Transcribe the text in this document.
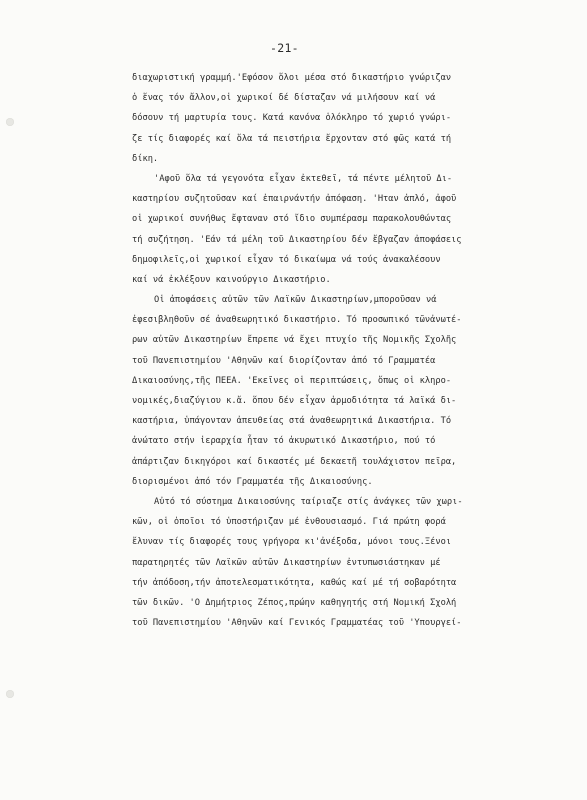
-21-
διαχωριστική γραμμή.'Εφόσον ὅλοι μέσα στό δικαστήριο γνώριζαν
ὁ ἕνας τόν ἄλλον,οἱ χωρικοί δέ δίσταζαν νά μιλήσουν καί νά
δόσουν τή μαρτυρία τους. Κατά κανόνα ὁλόκληρο τό χωριό γνώρι-
ζε τίς διαφορές καί ὅλα τά πειστήρια ἔρχονταν στό φῶς κατά τή
δίκη.
'Αφοῦ ὅλα τά γεγονότα εἶχαν ἐκτεθεῖ, τά πέντε μέλητοῦ Δι-
καστηρίου συζητοῦσαν καί ἐπαιρνάντήν ἀπόφαση. 'Ηταν ἁπλό, ἀφοῦ
οἱ χωρικοί συνήθως ἔφταναν στό ἴδιο συμπέρασμ παρακολουθώντας
τή συζήτηση. 'Εάν τά μέλη τοῦ Δικαστηρίου δέν ἔβγαζαν ἀποφάσεις
δημοφιλεῖς,οἱ χωρικοί εἶχαν τό δικαίωμα νά τούς ἀνακαλέσουν
καί νά ἐκλέξουν καινούργιο Δικαστήριο.
Οἱ ἀποφάσεις αὐτῶν τῶν Λαϊκῶν Δικαστηρίων,μποροῦσαν νά
ἐφεσιβληθοῦν σέ ἀναθεωρητικό δικαστήριο. Τό προσωπικό τῶνἀνωτέ-
ρων αὐτῶν Δικαστηρίων ἔπρεπε νά ἔχει πτυχίο τῆς Νομικῆς Σχολῆς
τοῦ Πανεπιστημίου 'Αθηνῶν καί διορίζονταν ἀπό τό Γραμματέα
Δικαιοσύνης,τῆς ΠΕΕΑ. 'Εκεῖνες οἱ περιπτώσεις, ὅπως οἱ κληρο-
νομικές,διαζύγιου κ.ἄ. ὅπου δέν εἶχαν ἁρμοδιότητα τά λαϊκά δι-
καστήρια, ὑπάγονταν ἀπευθείας στά ἀναθεωρητικά Δικαστήρια. Τό
ἀνώτατο στήν ἱεραρχία ἦταν τό ἀκυρωτικό Δικαστήριο, πού τό
ἀπάρτιζαν δικηγόροι καί δικαστές μέ δεκαετῆ τουλάχιστον πεῖρα,
διορισμένοι ἀπό τόν Γραμματέα τῆς Δικαιοσύνης.
Αὐτό τό σύστημα Δικαιοσύνης ταίριαζε στίς ἀνάγκες τῶν χωρι-
κῶν, οἱ ὁποῖοι τό ὑποστήριζαν μέ ἐνθουσιασμό. Γιά πρώτη φορά
ἔλυναν τίς διαφορές τους γρήγορα κι'ἀνέξοδα, μόνοι τους.Ξένοι
παρατηρητές τῶν Λαϊκῶν αὐτῶν Δικαστηρίων ἐντυπωσιάστηκαν μέ
τήν ἀπόδοση,τήν ἀποτελεσματικότητα, καθώς καί μέ τή σοβαρότητα
τῶν δικῶν. 'Ο Δημήτριος Ζέπος,πρώην καθηγητής στή Νομική Σχολή
τοῦ Πανεπιστημίου 'Αθηνῶν καί Γενικός Γραμματέας τοῦ 'Υπουργεί-
